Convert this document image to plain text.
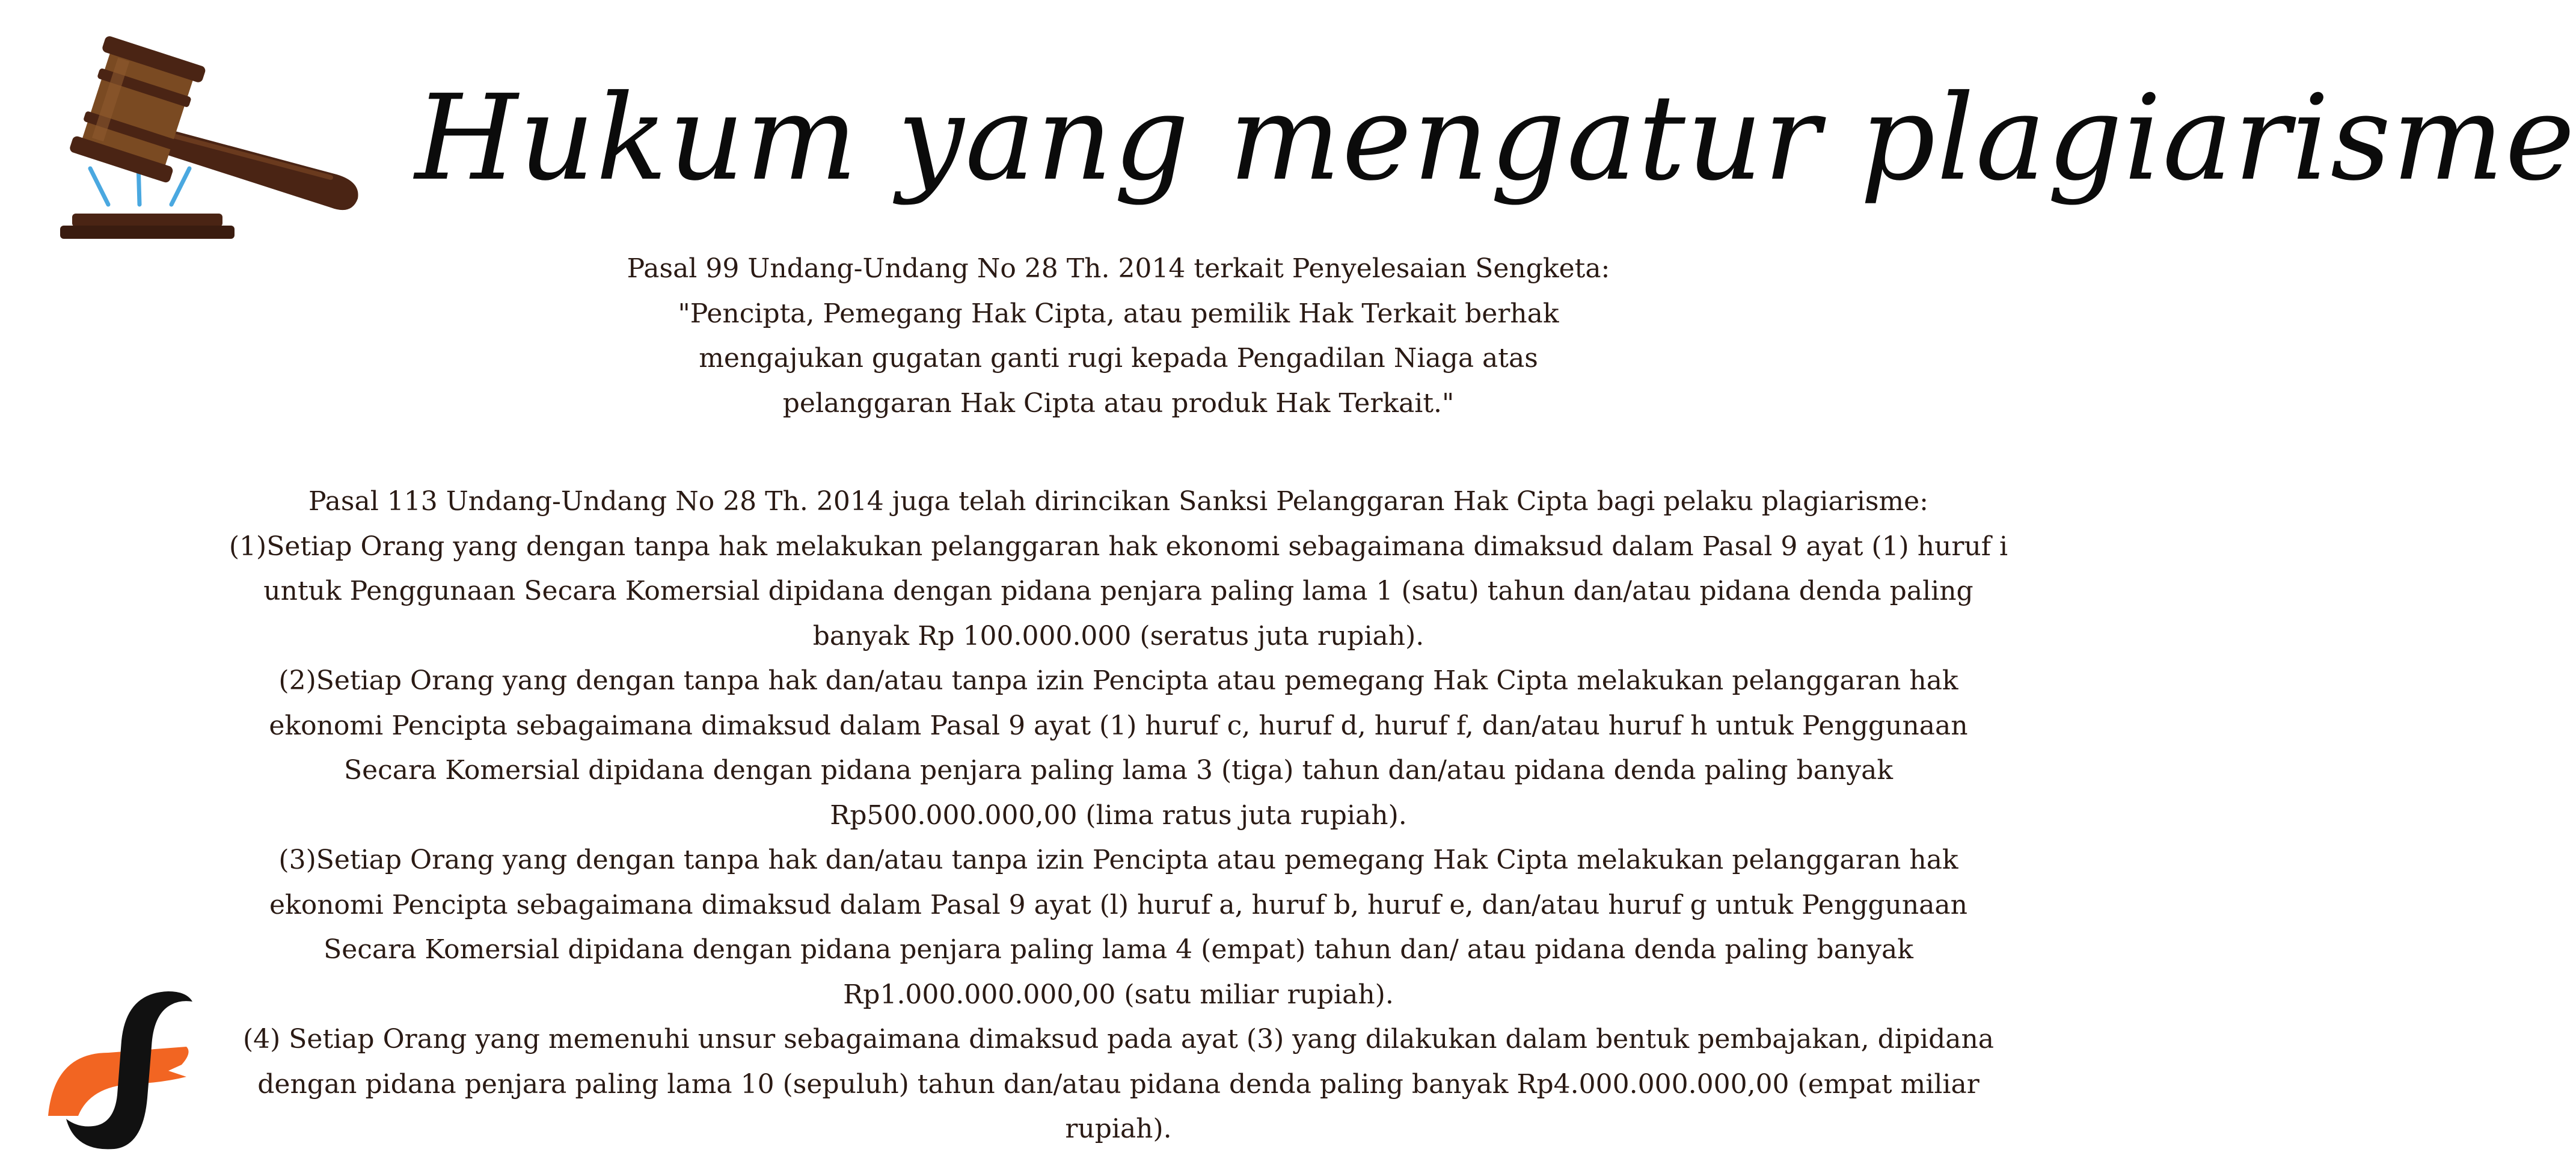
Hukum yang mengatur plagiarisme

Pasal 99 Undang-Undang No 28 Th. 2014 terkait Penyelesaian Sengketa:

"Pencipta, Pemegang Hak Cipta, atau pemilik Hak Terkait berhak

mengajukan gugatan ganti rugi kepada Pengadilan Niaga atas

pelanggaran Hak Cipta atau produk Hak Terkait."

Pasal 113 Undang-Undang No 28 Th. 2014 juga telah dirincikan Sanksi Pelanggaran Hak Cipta bagi pelaku plagiarisme:

(1)Setiap Orang yang dengan tanpa hak melakukan pelanggaran hak ekonomi sebagaimana dimaksud dalam Pasal 9 ayat (1) huruf i untuk Penggunaan Secara Komersial dipidana dengan pidana penjara paling lama 1 (satu) tahun dan/atau pidana denda paling banyak Rp 100.000.000 (seratus juta rupiah).

(2)Setiap Orang yang dengan tanpa hak dan/atau tanpa izin Pencipta atau pemegang Hak Cipta melakukan pelanggaran hak ekonomi Pencipta sebagaimana dimaksud dalam Pasal 9 ayat (1) huruf c, huruf d, huruf f, dan/atau huruf h untuk Penggunaan Secara Komersial dipidana dengan pidana penjara paling lama 3 (tiga) tahun dan/atau pidana denda paling banyak Rp500.000.000,00 (lima ratus juta rupiah).

(3)Setiap Orang yang dengan tanpa hak dan/atau tanpa izin Pencipta atau pemegang Hak Cipta melakukan pelanggaran hak ekonomi Pencipta sebagaimana dimaksud dalam Pasal 9 ayat (l) huruf a, huruf b, huruf e, dan/atau huruf g untuk Penggunaan Secara Komersial dipidana dengan pidana penjara paling lama 4 (empat) tahun dan/ atau pidana denda paling banyak Rp1.000.000.000,00 (satu miliar rupiah).

(4) Setiap Orang yang memenuhi unsur sebagaimana dimaksud pada ayat (3) yang dilakukan dalam bentuk pembajakan, dipidana dengan pidana penjara paling lama 10 (sepuluh) tahun dan/atau pidana denda paling banyak Rp4.000.000.000,00 (empat miliar rupiah).
